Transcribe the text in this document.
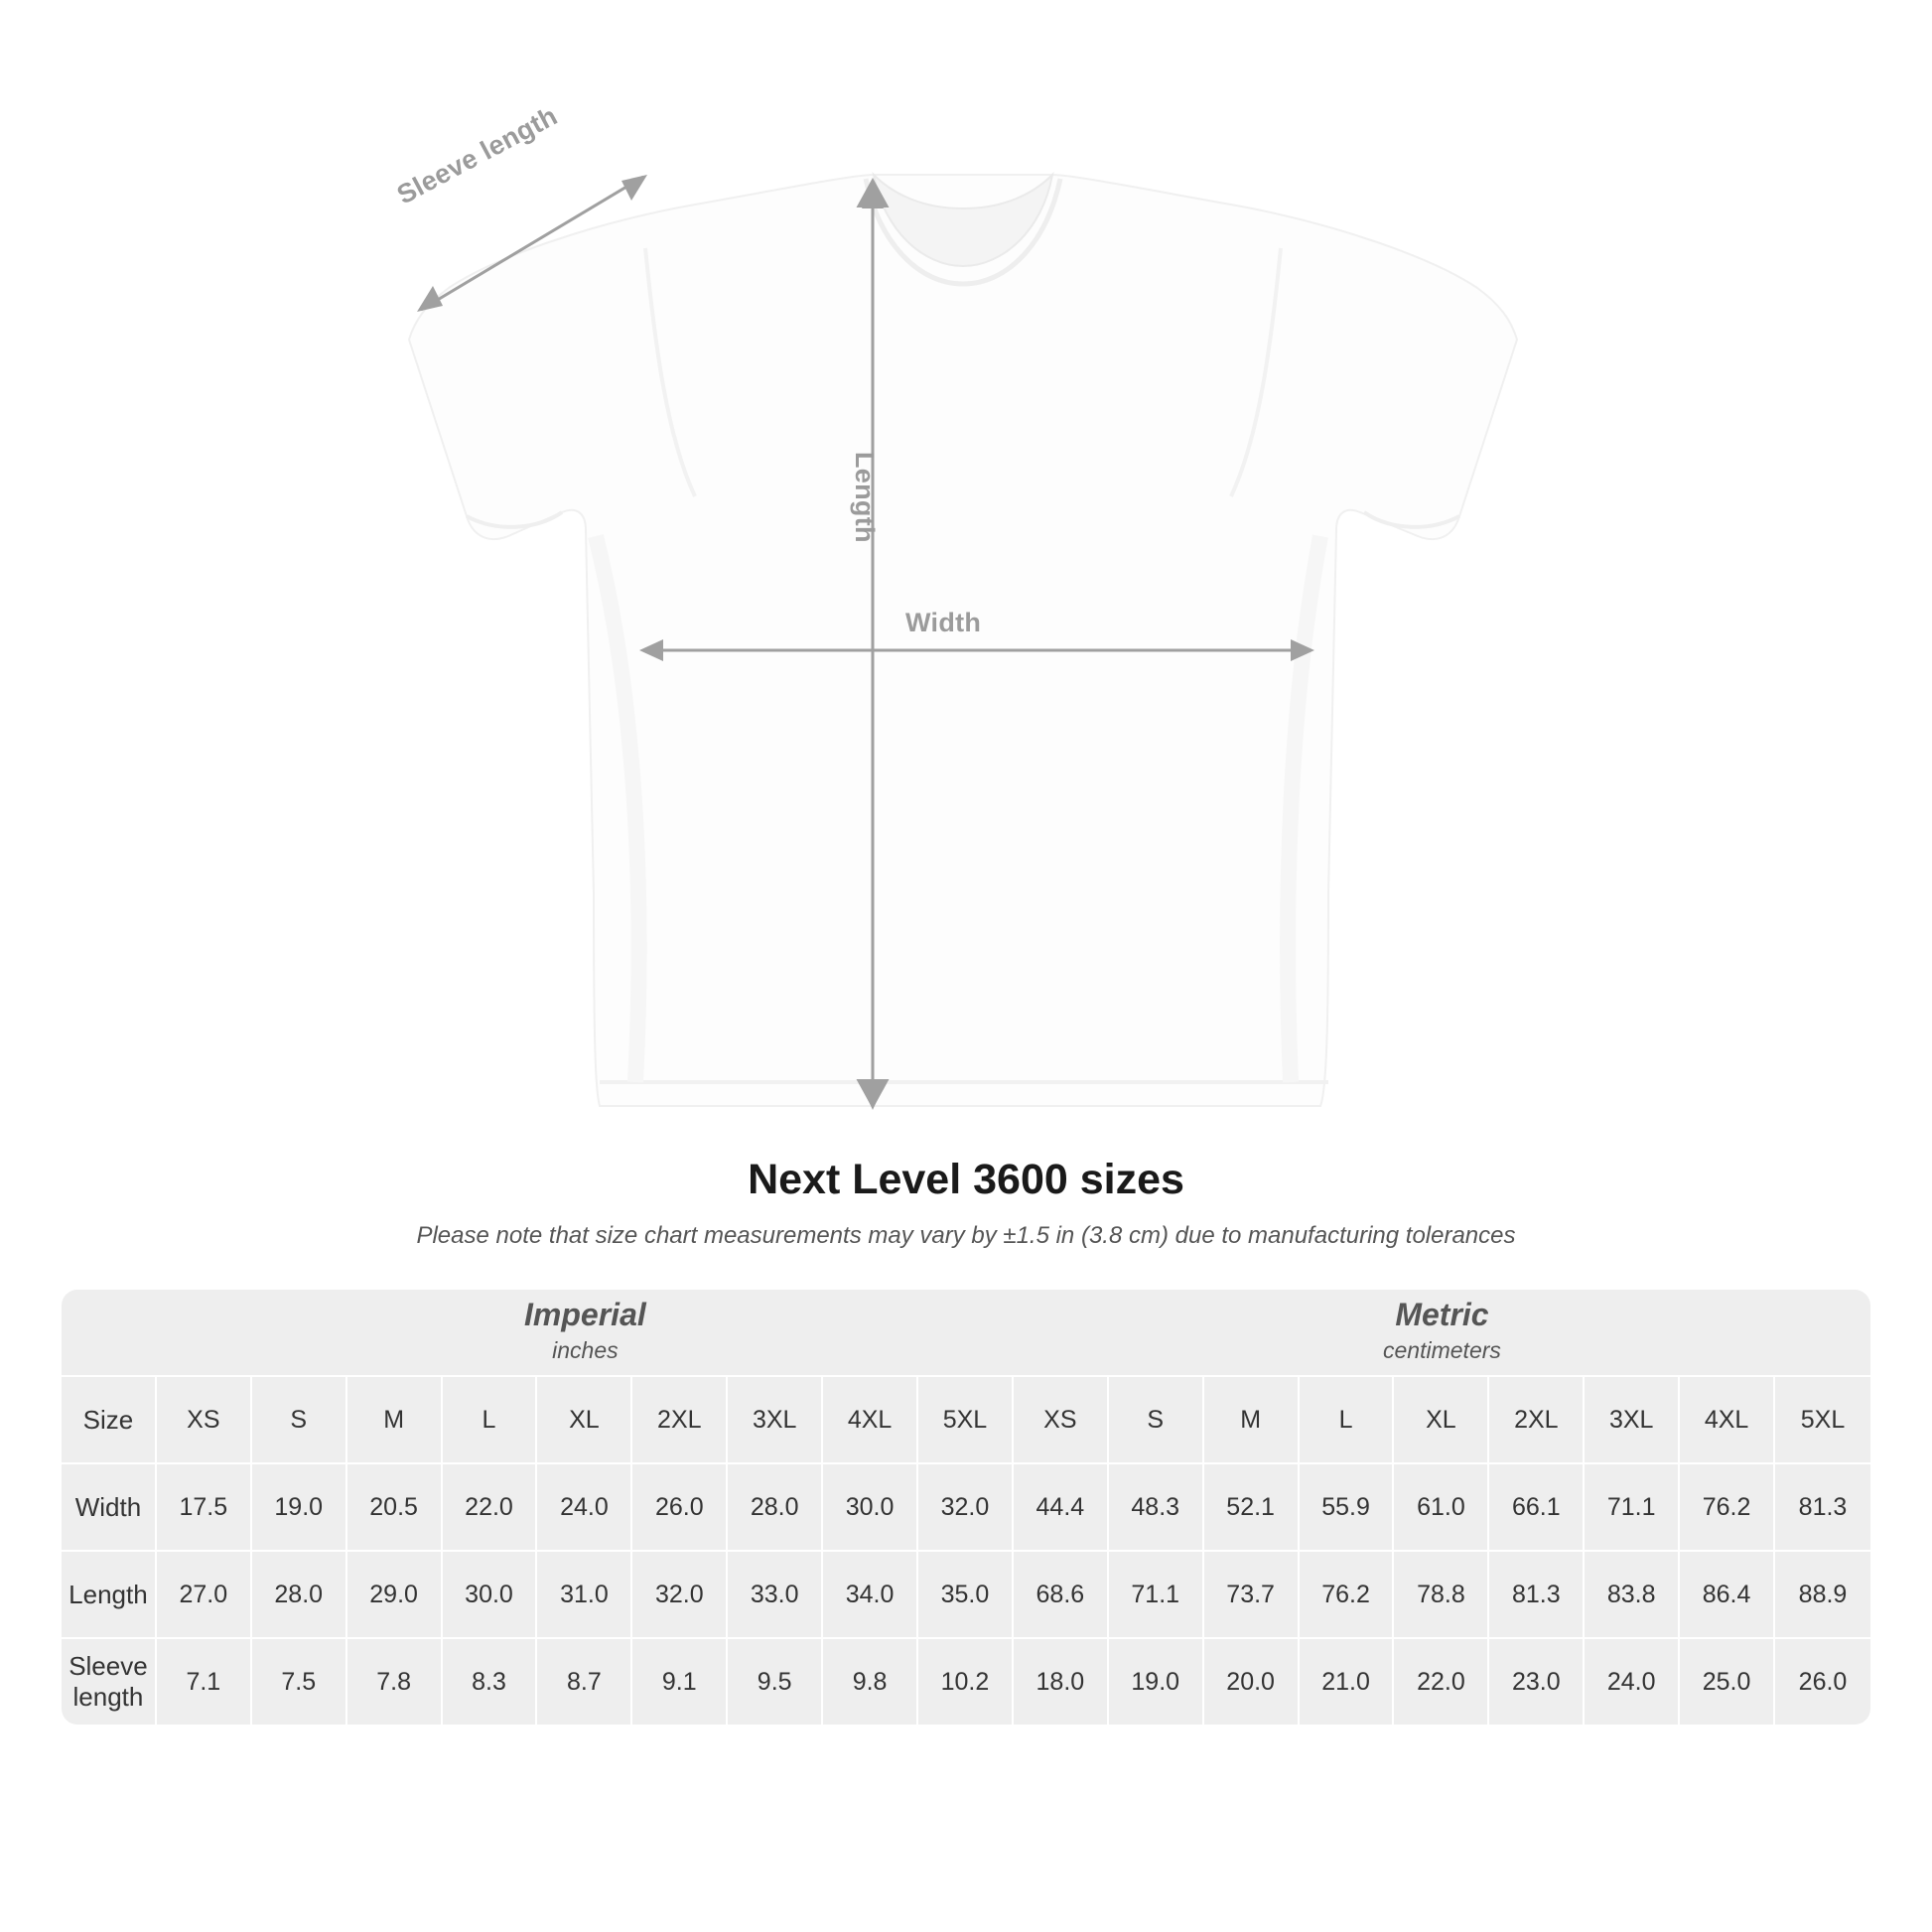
Sleeve length
Length
Width
Next Level 3600 sizes
Please note that size chart measurements may vary by ±1.5 in (3.8 cm) due to manufacturing tolerances

Imperial
inches

Metric
centimeters

Size	XS	S	M	L	XL	2XL	3XL	4XL	5XL	XS	S	M	L	XL	2XL	3XL	4XL	5XL
Width	17.5	19.0	20.5	22.0	24.0	26.0	28.0	30.0	32.0	44.4	48.3	52.1	55.9	61.0	66.1	71.1	76.2	81.3
Length	27.0	28.0	29.0	30.0	31.0	32.0	33.0	34.0	35.0	68.6	71.1	73.7	76.2	78.8	81.3	83.8	86.4	88.9
Sleeve length	7.1	7.5	7.8	8.3	8.7	9.1	9.5	9.8	10.2	18.0	19.0	20.0	21.0	22.0	23.0	24.0	25.0	26.0
